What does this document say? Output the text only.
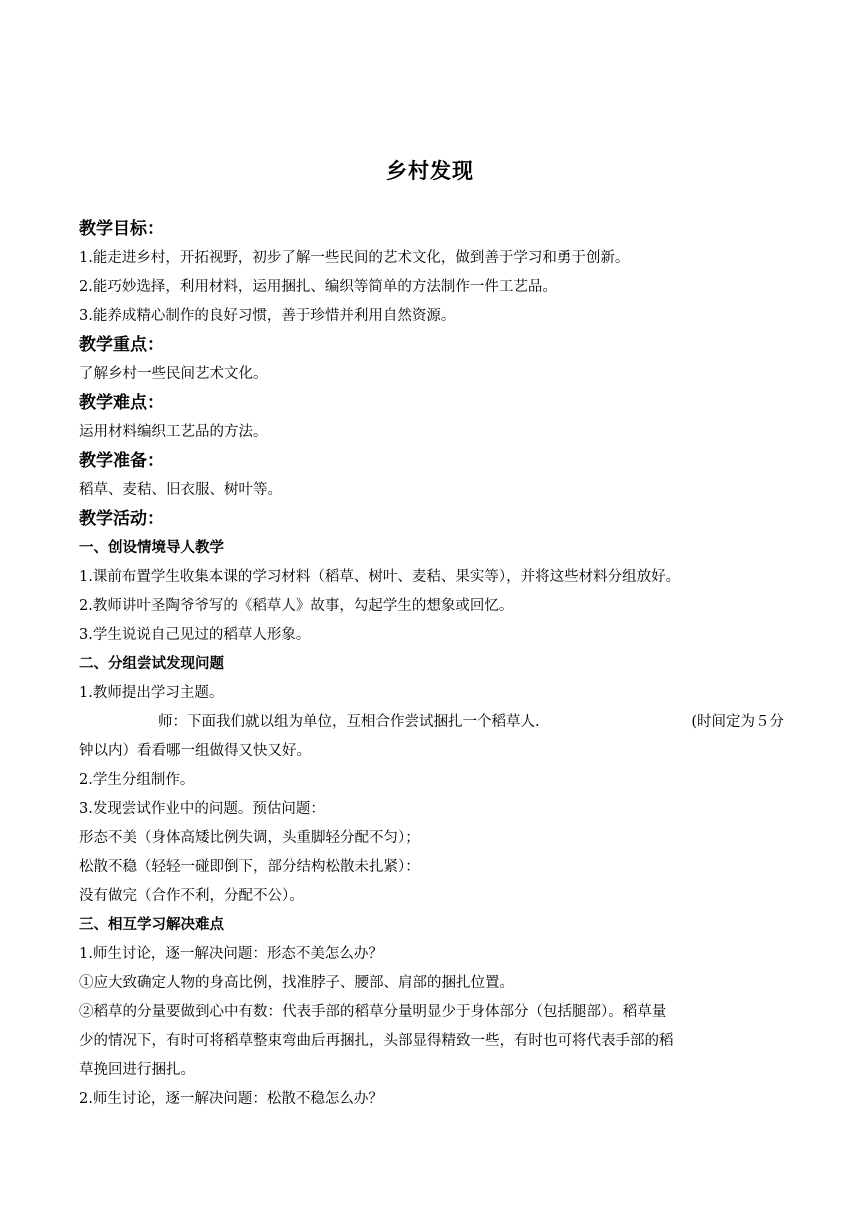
乡村发现
教学目标：
1.能走进乡村，开拓视野，初步了解一些民间的艺术文化，做到善于学习和勇于创新。
2.能巧妙选择，利用材料，运用捆扎、编织等简单的方法制作一件工艺品。
3.能养成精心制作的良好习惯，善于珍惜并利用自然资源。
教学重点：
了解乡村一些民间艺术文化。
教学难点：
运用材料编织工艺品的方法。
教学准备：
稻草、麦秸、旧衣服、树叶等。
教学活动：
一、创设情境导人教学
1.课前布置学生收集本课的学习材料（稻草、树叶、麦秸、果实等），并将这些材料分组放好。
2.教师讲叶圣陶爷爷写的《稻草人》故事，勾起学生的想象或回忆。
3.学生说说自己见过的稻草人形象。
二、分组尝试发现问题
1.教师提出学习主题。
师：下面我们就以组为单位，互相合作尝试捆扎一个稻草人.	(时间定为５分
钟以内）看看哪一组做得又快又好。
2.学生分组制作。
3.发现尝试作业中的问题。预估问题：
形态不美（身体高矮比例失调，头重脚轻分配不匀）；
松散不稳（轻轻一碰即倒下，部分结构松散未扎紧）：
没有做完（合作不利，分配不公）。
三、相互学习解决难点
1.师生讨论，逐一解决问题：形态不美怎么办？
①应大致确定人物的身高比例，找准脖子、腰部、肩部的捆扎位置。
②稻草的分量要做到心中有数：代表手部的稻草分量明显少于身体部分（包括腿部）。稻草量
少的情况下，有时可将稻草整束弯曲后再捆扎，头部显得精致一些，有时也可将代表手部的稻
草挽回进行捆扎。
2.师生讨论，逐一解决问题：松散不稳怎么办？
